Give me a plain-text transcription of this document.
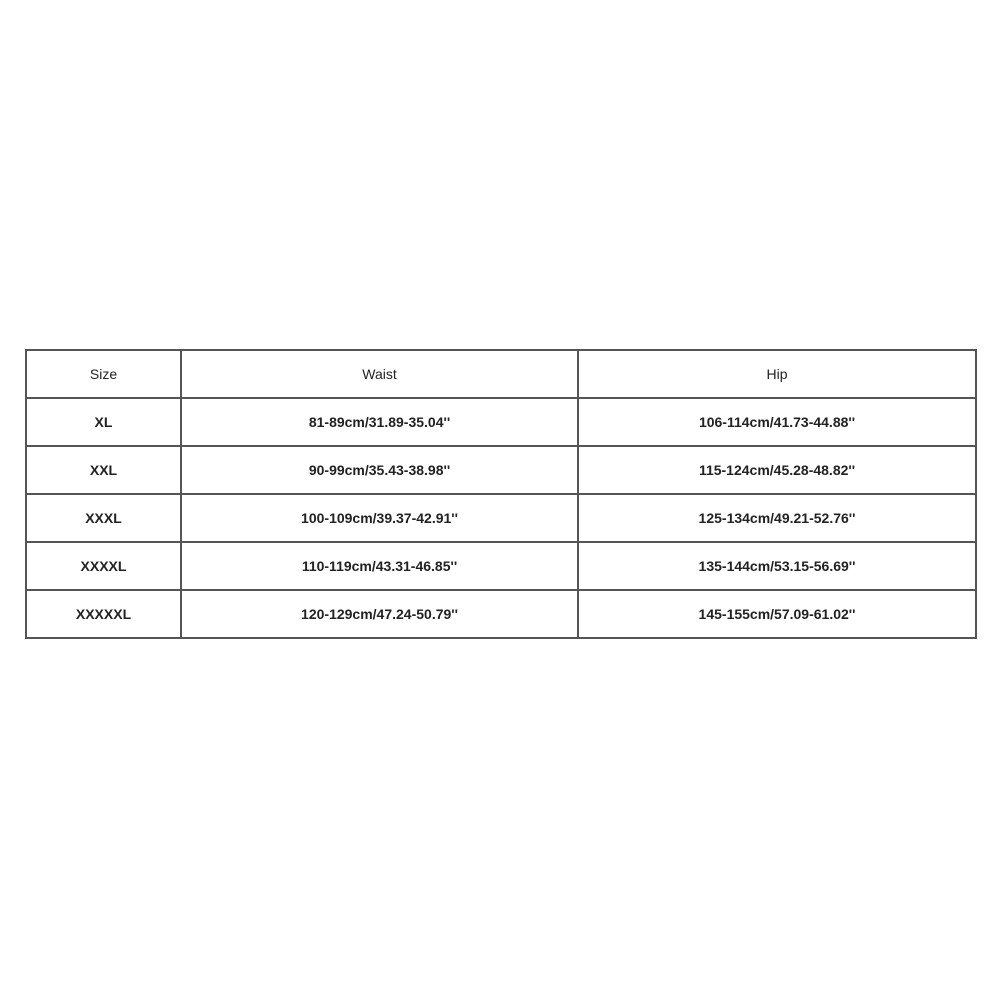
Size	Waist	Hip
XL	81-89cm/31.89-35.04''	106-114cm/41.73-44.88''
XXL	90-99cm/35.43-38.98''	115-124cm/45.28-48.82''
XXXL	100-109cm/39.37-42.91''	125-134cm/49.21-52.76''
XXXXL	110-119cm/43.31-46.85''	135-144cm/53.15-56.69''
XXXXXL	120-129cm/47.24-50.79''	145-155cm/57.09-61.02''
